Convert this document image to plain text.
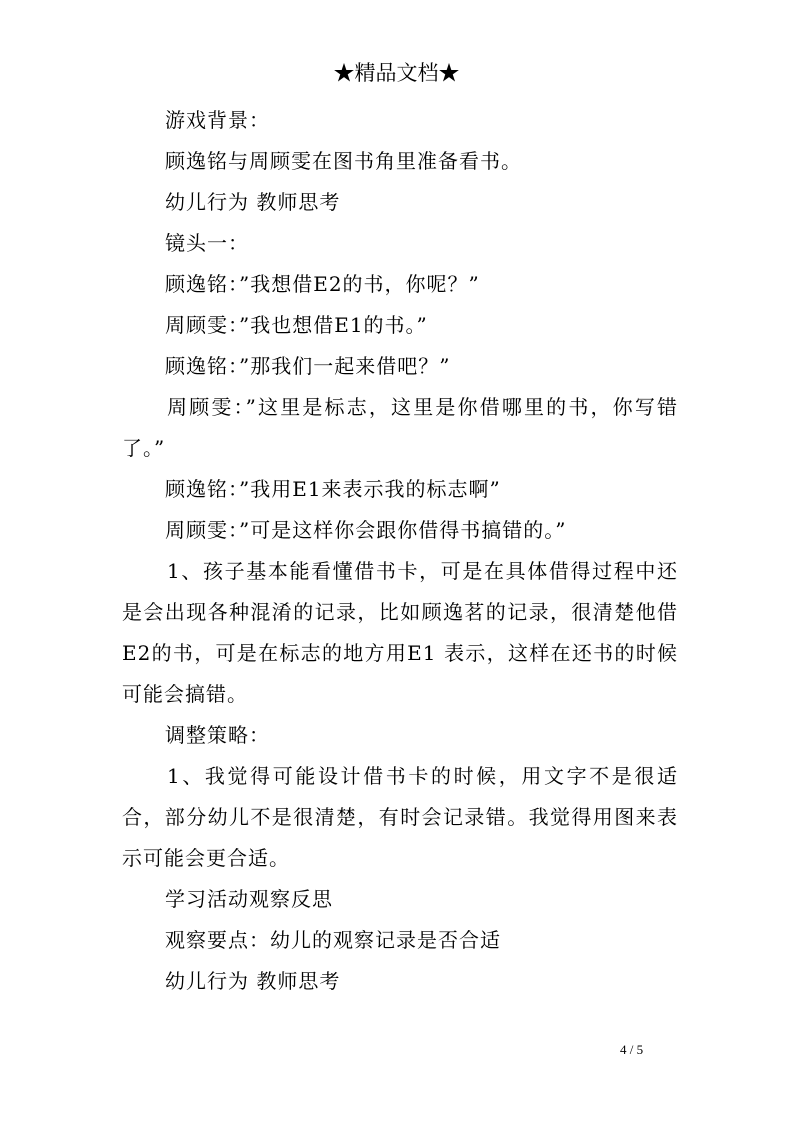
★精品文档★

游戏背景：

顾逸铭与周顾雯在图书角里准备看书。

幼儿行为 教师思考

镜头一：

顾逸铭：”我想借E2的书，你呢？”

周顾雯：”我也想借E1的书。”

顾逸铭：”那我们一起来借吧？”

周顾雯：”这里是标志，这里是你借哪里的书，你写错了。”

顾逸铭：”我用E1来表示我的标志啊”

周顾雯：”可是这样你会跟你借得书搞错的。”

1、孩子基本能看懂借书卡，可是在具体借得过程中还是会出现各种混淆的记录，比如顾逸茗的记录，很清楚他借E2的书，可是在标志的地方用E1 表示，这样在还书的时候可能会搞错。

调整策略：

1、我觉得可能设计借书卡的时候，用文字不是很适合，部分幼儿不是很清楚，有时会记录错。我觉得用图来表示可能会更合适。

学习活动观察反思

观察要点：幼儿的观察记录是否合适

幼儿行为 教师思考

4 / 5
